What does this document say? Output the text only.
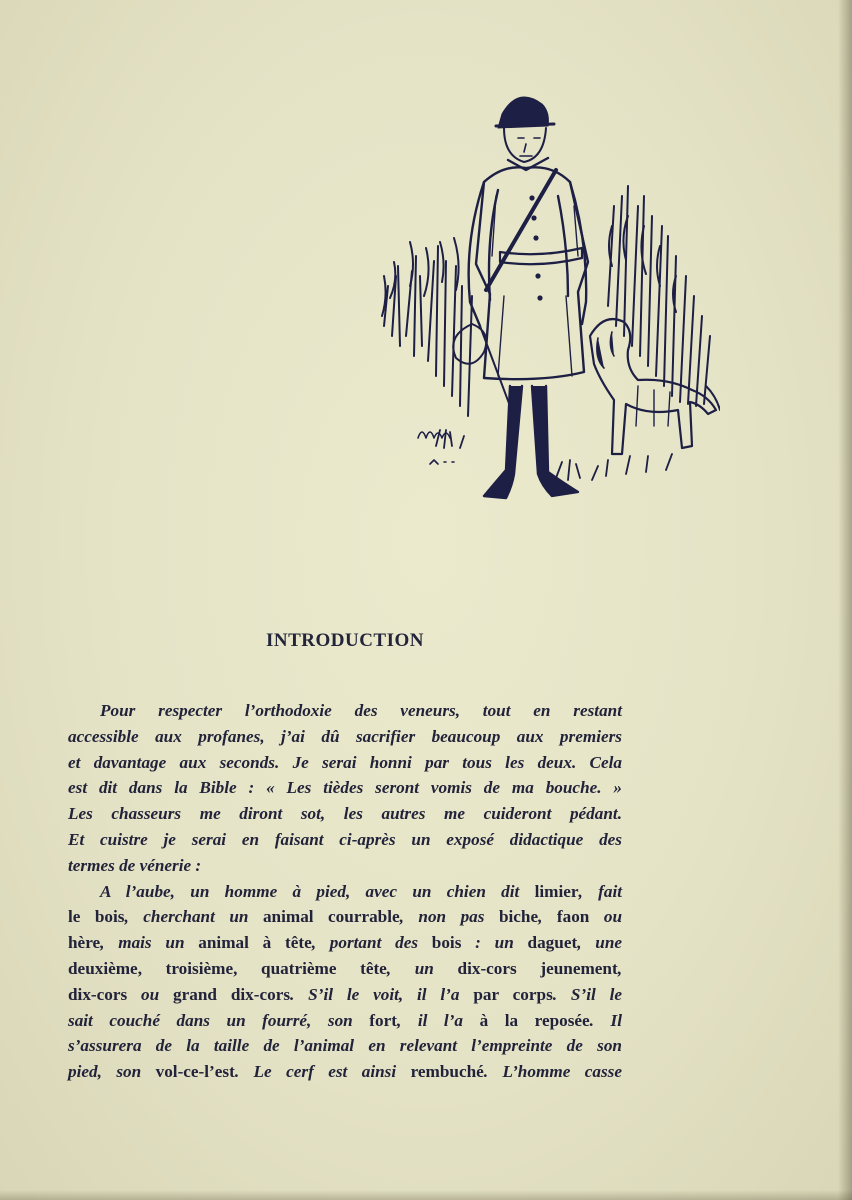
INTRODUCTION
Pour respecter l’orthodoxie des veneurs, tout en restant
accessible aux profanes, j’ai dû sacrifier beaucoup aux premiers
et davantage aux seconds. Je serai honni par tous les deux. Cela
est dit dans la Bible : « Les tièdes seront vomis de ma bouche. »
Les chasseurs me diront sot, les autres me cuideront pédant.
Et cuistre je serai en faisant ci-après un exposé didactique des
termes de vénerie :
A l’aube, un homme à pied, avec un chien dit limier, fait
le bois, cherchant un animal courrable, non pas biche, faon ou
hère, mais un animal à tête, portant des bois : un daguet, une
deuxième, troisième, quatrième tête, un dix-cors jeunement,
dix-cors ou grand dix-cors. S’il le voit, il l’a par corps. S’il le
sait couché dans un fourré, son fort, il l’a à la reposée. Il
s’assurera de la taille de l’animal en relevant l’empreinte de son
pied, son vol-ce-l’est. Le cerf est ainsi rembuché. L’homme casse
